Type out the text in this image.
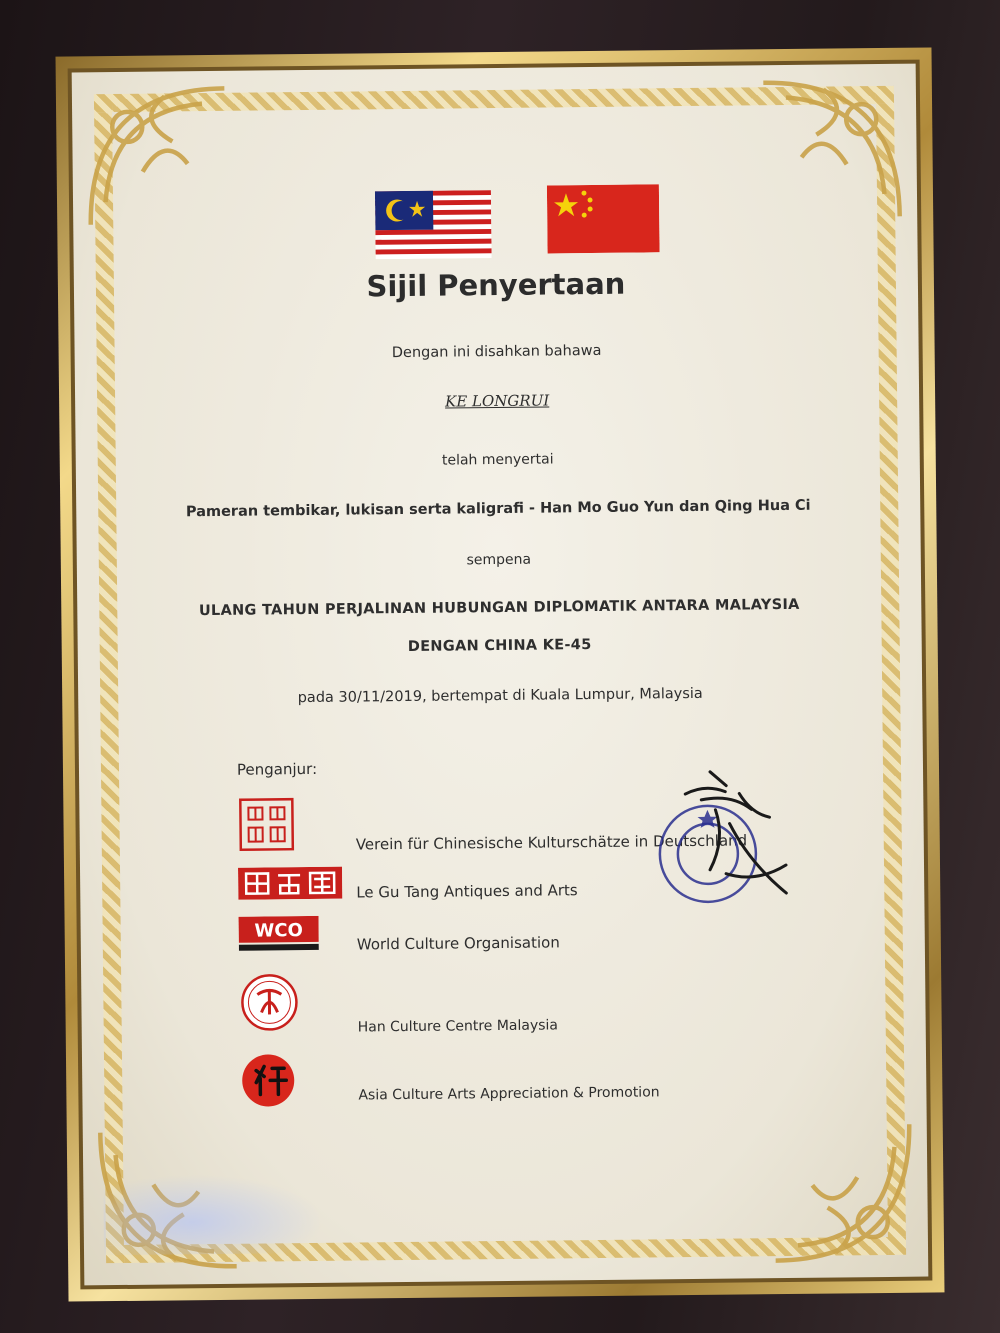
Sijil Penyertaan
Dengan ini disahkan bahawa
KE LONGRUI
telah menyertai
Pameran tembikar, lukisan serta kaligrafi - Han Mo Guo Yun dan Qing Hua Ci
sempena
ULANG TAHUN PERJALINAN HUBUNGAN DIPLOMATIK ANTARA MALAYSIA
DENGAN CHINA KE-45
pada 30/11/2019, bertempat di Kuala Lumpur, Malaysia
Penganjur:
Verein für Chinesische Kulturschätze in Deutschland
Le Gu Tang Antiques and Arts
WCO
World Culture Organisation
Han Culture Centre Malaysia
Asia Culture Arts Appreciation & Promotion
